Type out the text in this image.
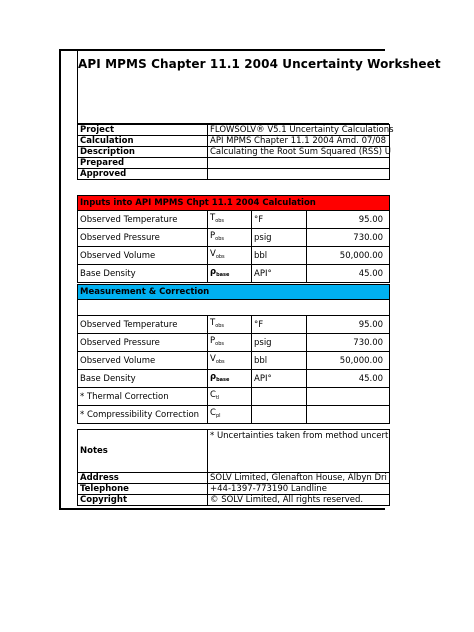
API MPMS Chapter 11.1 2004 Uncertainty Worksheet
Project	FLOWSOLV® V5.1 Uncertainty Calculations
Calculation	API MPMS Chapter 11.1 2004 Amd. 07/08
Description	Calculating the Root Sum Squared (RSS) U
Prepared	
Approved	
Inputs into API MPMS Chpt 11.1 2004 Calculation			
Observed Temperature	$T_{obs}$	°F	95.00
Observed Pressure	$P_{obs}$	psig	730.00
Observed Volume	$V_{obs}$	bbl	50,000.00
Base Density	$\rho_{base}$	API°	45.00
Measurement & Correction			

Observed Temperature	$T_{obs}$	°F	95.00
Observed Pressure	$P_{obs}$	psig	730.00
Observed Volume	$V_{obs}$	bbl	50,000.00
Base Density	$\rho_{base}$	API°	45.00
* Thermal Correction	$C_{tl}$		
* Compressibility Correction	$C_{pl}$		
Notes	* Uncertainties taken from method uncert
Address	SOLV Limited, Glenafton House, Albyn Dri
Telephone	+44-1397-773190 Landline
Copyright	© SOLV Limited, All rights reserved.
